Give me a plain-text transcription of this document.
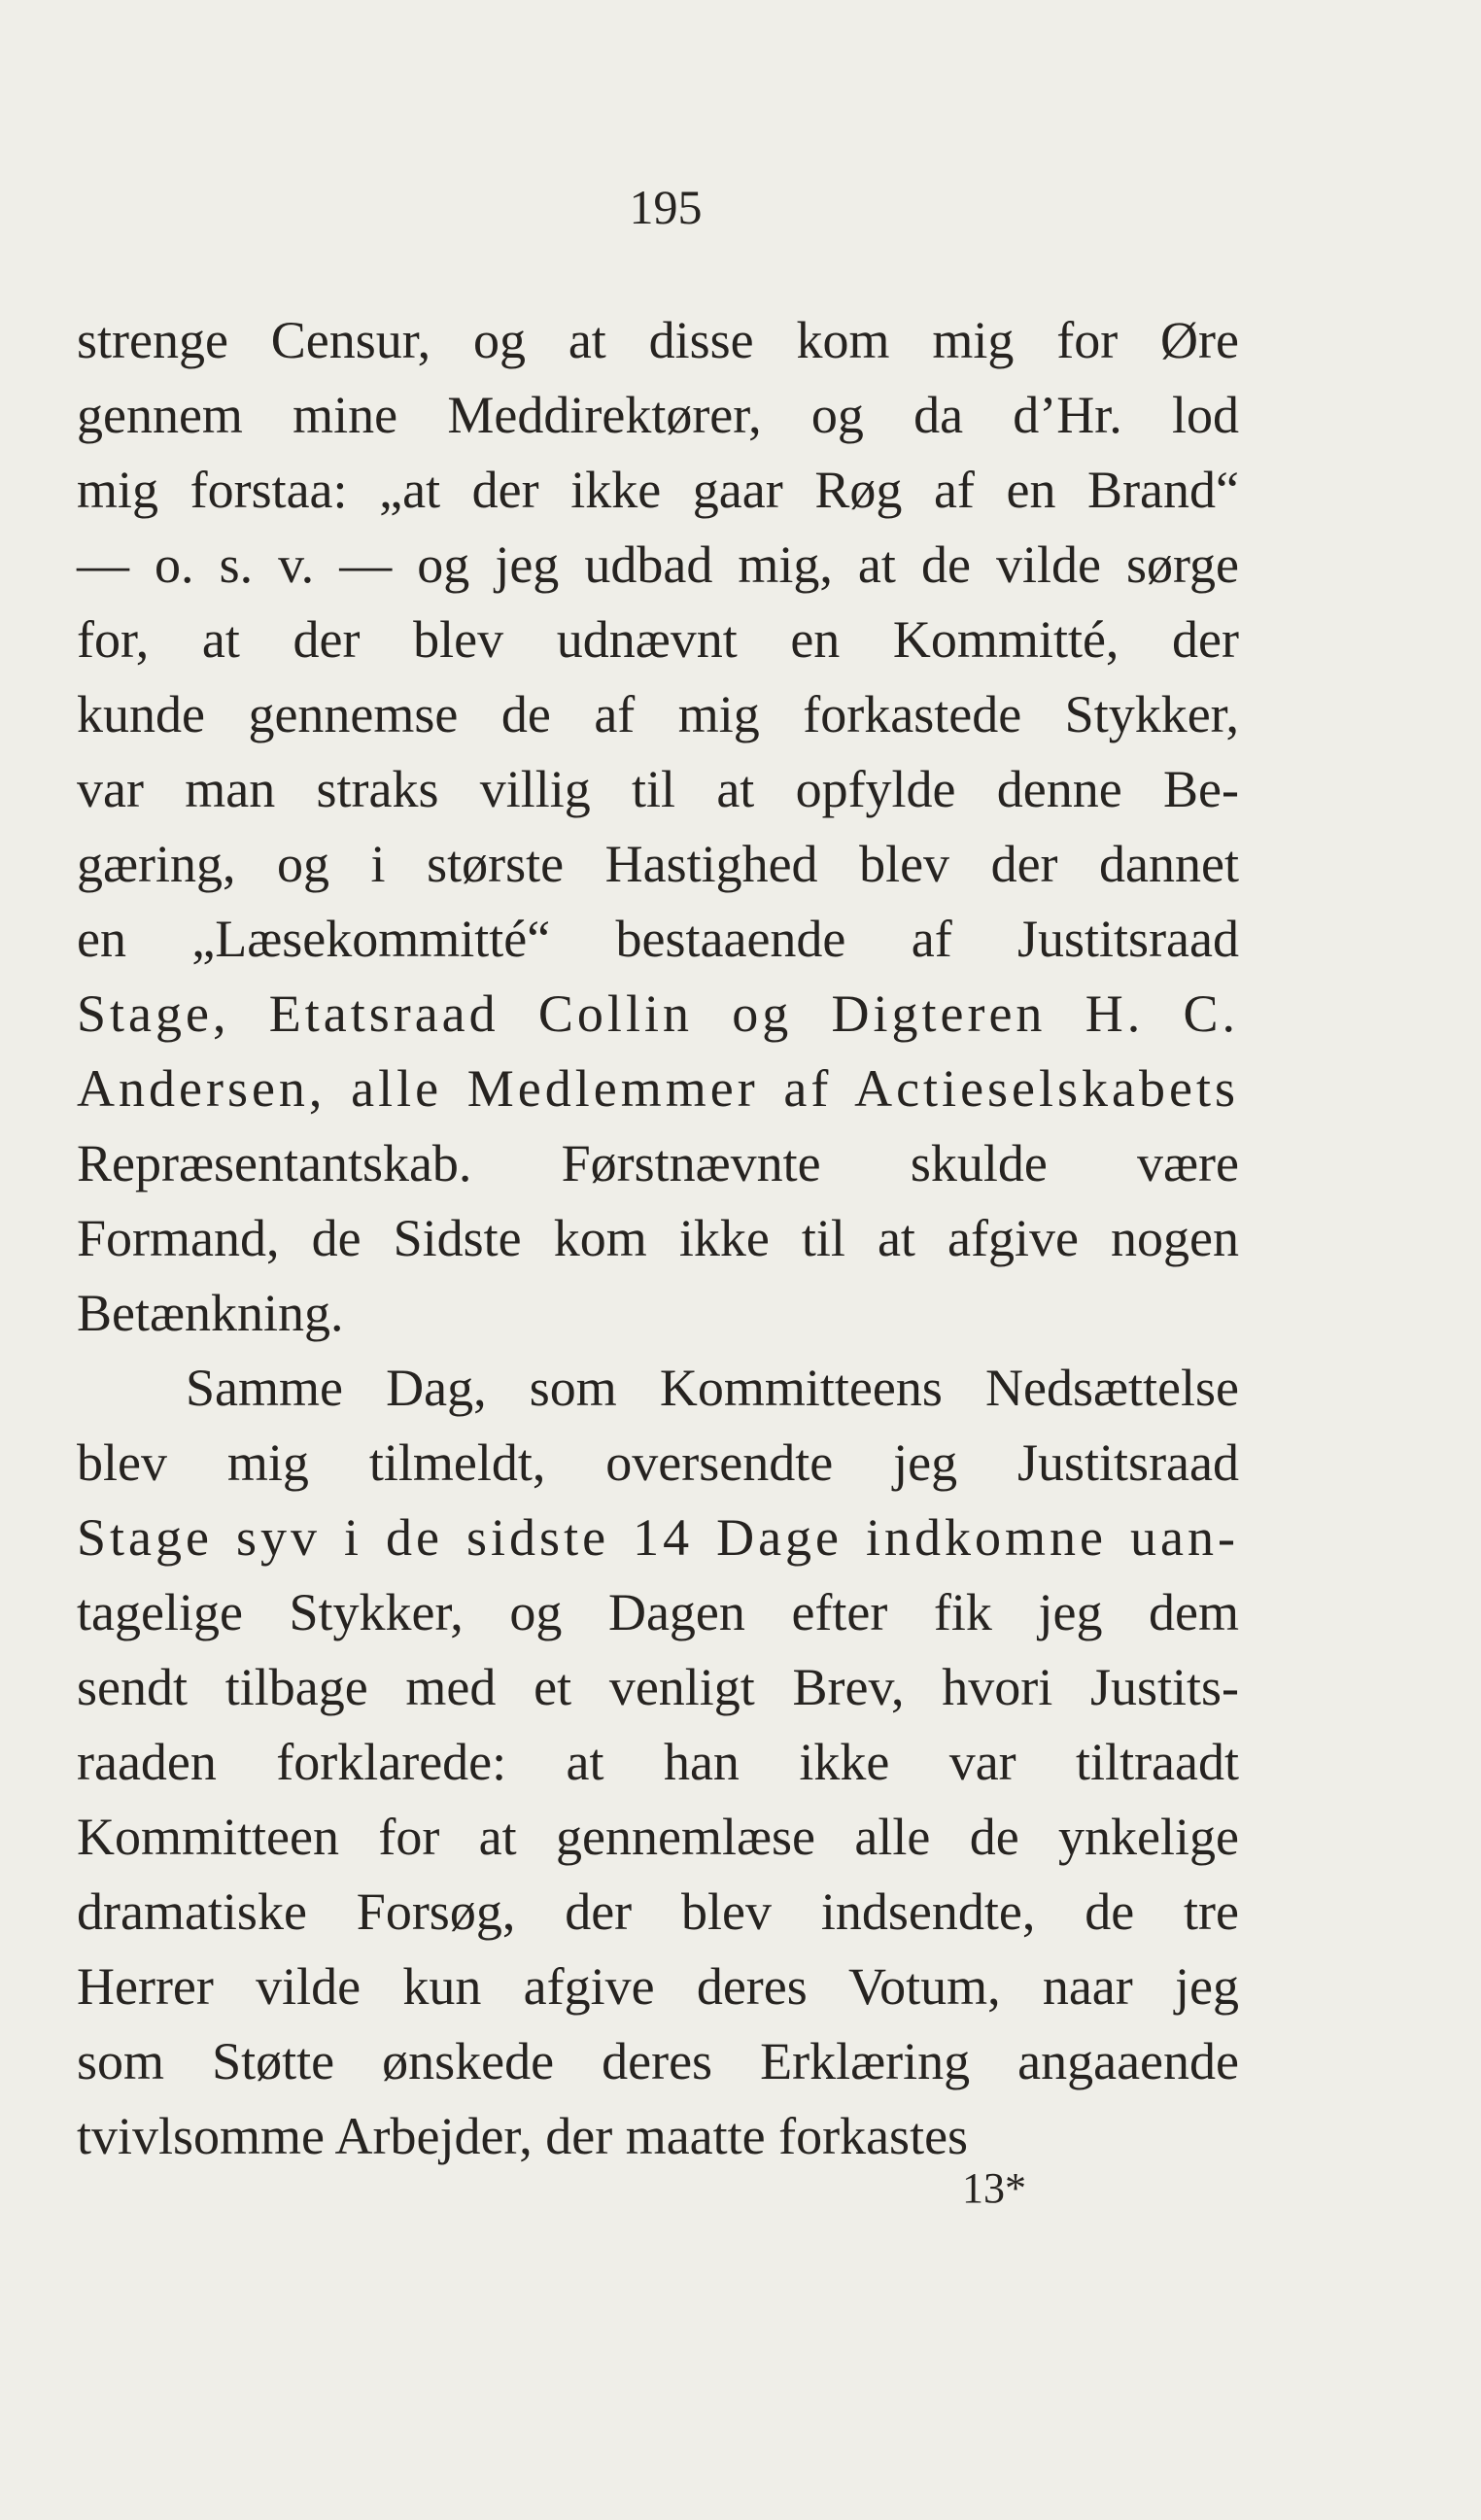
195
strenge Censur, og at disse kom mig for Øre
gennem mine Meddirektører, og da d’Hr. lod
mig forstaa: „at der ikke gaar Røg af en Brand“
— o. s. v. — og jeg udbad mig, at de vilde sørge
for, at der blev udnævnt en Kommitté, der
kunde gennemse de af mig forkastede Stykker,
var man straks villig til at opfylde denne Be-
gæring, og i største Hastighed blev der dannet
en „Læsekommitté“ bestaaende af Justitsraad
Stage, Etatsraad Collin og Digteren H. C.
Andersen, alle Medlemmer af Actieselskabets
Repræsentantskab. Førstnævnte skulde være
Formand, de Sidste kom ikke til at afgive nogen
Betænkning.
Samme Dag, som Kommitteens Nedsættelse
blev mig tilmeldt, oversendte jeg Justitsraad
Stage syv i de sidste 14 Dage indkomne uan-
tagelige Stykker, og Dagen efter fik jeg dem
sendt tilbage med et venligt Brev, hvori Justits-
raaden forklarede: at han ikke var tiltraadt
Kommitteen for at gennemlæse alle de ynkelige
dramatiske Forsøg, der blev indsendte, de tre
Herrer vilde kun afgive deres Votum, naar jeg
som Støtte ønskede deres Erklæring angaaende
tvivlsomme Arbejder, der maatte forkastes
13*
